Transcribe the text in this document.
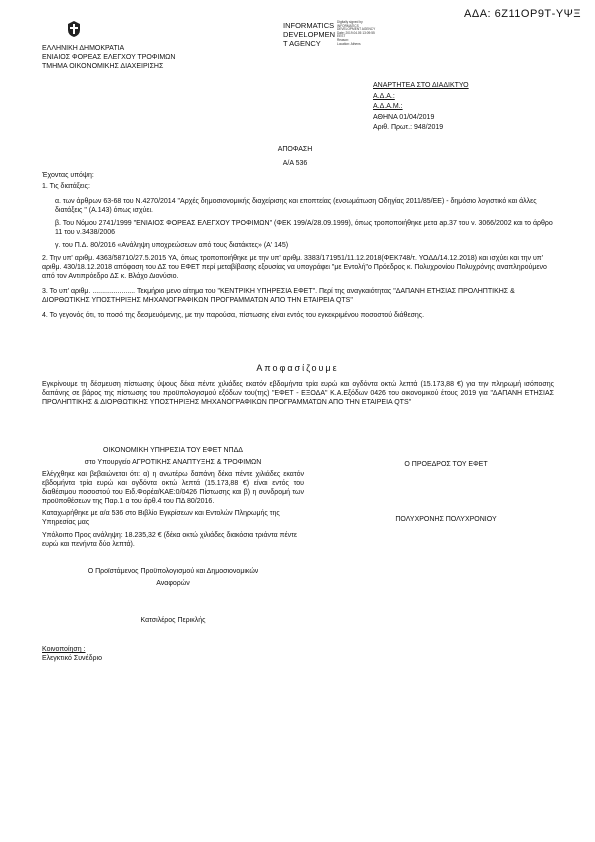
ΑΔΑ: 6Ζ11ΟΡ9Τ-ΥΨΞ
ΕΛΛΗΝΙΚΗ ΔΗΜΟΚΡΑΤΙΑ
ΕΝΙΑΙΟΣ ΦΟΡΕΑΣ ΕΛΕΓΧΟΥ ΤΡΟΦΙΜΩΝ
ΤΜΗΜΑ ΟΙΚΟΝΟΜΙΚΗΣ ΔΙΑΧΕΙΡΙΣΗΣ
INFORMATICS
DEVELOPMEN
T AGENCY
Digitally signed by
INFORMATICS
DEVELOPMENT AGENCY
Date: 2019.04.05 13:09:55
EEST
Reason:
Location: Athens
ΑΝΑΡΤΗΤΕΑ ΣΤΟ ΔΙΑΔΙΚΤΥΟ
Α.Δ.Α.:
Α.Δ.Α.Μ.:
ΑΘΗΝΑ 01/04/2019
Αριθ. Πρωτ.: 948/2019
ΑΠΟΦΑΣΗ
Α/Α 536
Έχοντας υπόψη:
1. Τις διατάξεις:
α. των άρθρων 63-68 του Ν.4270/2014 "Αρχές δημοσιονομικής διαχείρισης και εποπτείας (ενσωμάτωση Οδηγίας 2011/85/ΕΕ) - δημόσιο λογιστικό και άλλες διατάξεις " (Α.143) όπως ισχύει.
β. Του Νόμου 2741/1999 "ΕΝΙΑΙΟΣ ΦΟΡΕΑΣ ΕΛΕΓΧΟΥ ΤΡΟΦΙΜΩΝ" (ΦΕΚ 199/Α/28.09.1999), όπως τροποποιήθηκε μετα ap.37 του ν. 3066/2002 και το άρθρο 11 του ν.3438/2006
γ. του Π.Δ. 80/2016 «Ανάληψη υποχρεώσεων από τους διατάκτες» (Α' 145)
2. Την υπ' αριθμ. 4363/58710/27.5.2015 ΥΑ, όπως τροποποιήθηκε με την υπ' αριθμ. 3383/171951/11.12.2018(ΦΕΚ748/τ. ΥΟΔΔ/14.12.2018) και ισχύει και την υπ' αριθμ. 430/18.12.2018 απόφαση του ΔΣ του ΕΦΕΤ περί μεταβίβασης εξουσίας να υπογράφει "με Εντολή"ο Πρόεδρος κ. Πολυχρονίου Πολυχρόνης αναπληρούμενο από τον Αντιπρόεδρο ΔΣ κ. Βλάχο Διονύσιο.
3. Το υπ' αριθμ. ...................... Τεκμήριο μενο αίτημα του "ΚΕΝΤΡΙΚΗ ΥΠΗΡΕΣΙΑ ΕΦΕΤ". Περί της αναγκαιότητας "ΔΑΠΑΝΗ ΕΤΗΣΙΑΣ ΠΡΟΛΗΠΤΙΚΗΣ & ΔΙΟΡΘΩΤΙΚΗΣ ΥΠΟΣΤΗΡΙΞΗΣ ΜΗΧΑΝΟΓΡΑΦΙΚΩΝ ΠΡΟΓΡΑΜΜΑΤΩΝ ΑΠΟ ΤΗΝ ΕΤΑΙΡΕΙΑ QTS"
4. Το γεγονός ότι, το ποσό της δεσμευόμενης, με την παρούσα, πίστωσης είναι εντός του εγκεκριμένου ποσοστού διάθεσης.
Αποφασίζουμε
Εγκρίνουμε τη δέσμευση πίστωσης ύψους δέκα πέντε χιλιάδες εκατόν εβδομήντα τρία ευρώ και ογδόντα οκτώ λεπτά (15.173,88 €) για την πληρωμή ισόποσης δαπάνης σε βάρος της πίστωσης του προϋπολογισμού εξόδων του(της) "ΕΦΕΤ - ΕΞΟΔΑ" Κ.Α.Εξόδων 0426 του οικονομικού έτους 2019 για "ΔΑΠΑΝΗ ΕΤΗΣΙΑΣ ΠΡΟΛΗΠΤΙΚΗΣ & ΔΙΟΡΘΩΤΙΚΗΣ ΥΠΟΣΤΗΡΙΞΗΣ ΜΗΧΑΝΟΓΡΑΦΙΚΩΝ ΠΡΟΓΡΑΜΜΑΤΩΝ ΑΠΟ ΤΗΝ ΕΤΑΙΡΕΙΑ QTS"
ΟΙΚΟΝΟΜΙΚΗ ΥΠΗΡΕΣΙΑ ΤΟΥ ΕΦΕΤ ΝΠΔΔ
στο Υπουργείο ΑΓΡΟΤΙΚΗΣ ΑΝΑΠΤΥΞΗΣ & ΤΡΟΦΙΜΩΝ
Ελέγχθηκε και βεβαιώνεται ότι: α) η ανωτέρω δαπάνη δέκα πέντε χιλιάδες εκατόν εβδομήντα τρία ευρώ και ογδόντα οκτώ λεπτά (15.173,88 €) είναι εντός του διαθέσιμου ποσοστού του Ειδ.Φορέα/ΚΑΕ:0/0426 Πίστωσης και β) η συνδρομή των προϋποθέσεων της Παρ.1 α του άρθ.4 του ΠΔ 80/2016.
Καταχωρήθηκε με α/α 536 στο Βιβλίο Εγκρίσεων και Εντολών Πληρωμής της Υπηρεσίας μας
Υπόλοιπο Προς ανάληψη: 18.235,32 € (δέκα οκτώ χιλιάδες διακόσια τριάντα πέντε ευρώ και πενήντα δύο λεπτά).
Ο Προϊστάμενος Προϋπολογισμού και Δημοσιονομικών
Αναφορών
Κατσιλέρος Περικλής
Κοινοποίηση :
Ελεγκτικό Συνέδριο
Ο ΠΡΟΕΔΡΟΣ ΤΟΥ ΕΦΕΤ
ΠΟΛΥΧΡΟΝΗΣ ΠΟΛΥΧΡΟΝΙΟΥ
